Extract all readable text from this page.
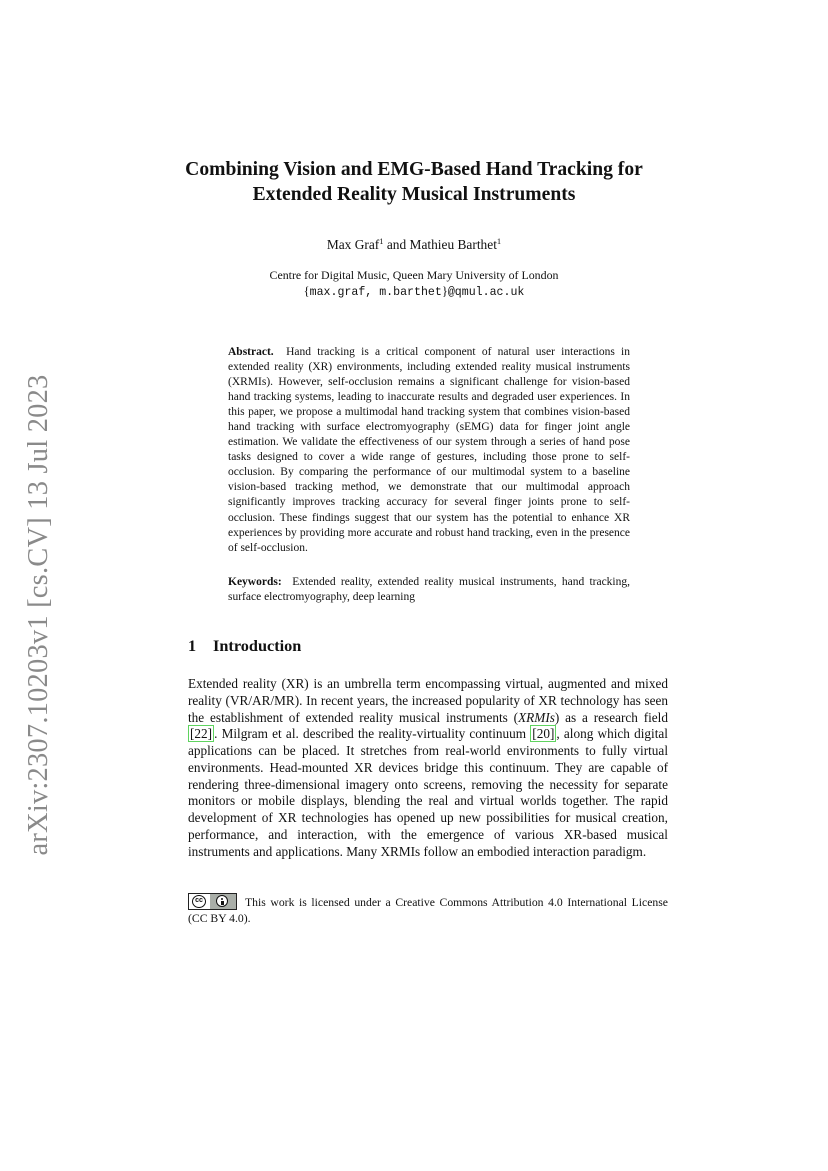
arXiv:2307.10203v1 [cs.CV] 13 Jul 2023
Combining Vision and EMG-Based Hand Tracking for
Extended Reality Musical Instruments
Max Graf$^1$ and Mathieu Barthet$^1$
Centre for Digital Music, Queen Mary University of London
{max.graf, m.barthet}@qmul.ac.uk
Abstract. Hand tracking is a critical component of natural user interactions in extended reality (XR) environments, including extended reality musical instruments (XRMIs). However, self-occlusion remains a significant challenge for vision-based hand tracking systems, leading to inaccurate results and degraded user experiences. In this paper, we propose a multimodal hand tracking system that combines vision-based hand tracking with surface electromyography (sEMG) data for finger joint angle estimation. We validate the effectiveness of our system through a series of hand pose tasks designed to cover a wide range of gestures, including those prone to self-occlusion. By comparing the performance of our multimodal system to a baseline vision-based tracking method, we demonstrate that our multimodal approach significantly improves tracking accuracy for several finger joints prone to self-occlusion. These findings suggest that our system has the potential to enhance XR experiences by providing more accurate and robust hand tracking, even in the presence of self-occlusion.
Keywords: Extended reality, extended reality musical instruments, hand tracking, surface electromyography, deep learning
1 Introduction

Extended reality (XR) is an umbrella term encompassing virtual, augmented and mixed reality (VR/AR/MR). In recent years, the increased popularity of XR technology has seen the establishment of extended reality musical instruments (XRMIs) as a research field [22] . Milgram et al. described the reality-virtuality continuum [20] , along which digital applications can be placed. It stretches from real-world environments to fully virtual environments. Head-mounted XR devices bridge this continuum. They are capable of rendering three-dimensional imagery onto screens, removing the necessity for separate monitors or mobile displays, blending the real and virtual worlds together. The rapid development of XR technologies has opened up new possibilities for musical creation, performance, and interaction, with the emergence of various XR-based musical instruments and applications. Many XRMIs follow an embodied interaction paradigm.

cc	This work is licensed under a Creative Commons Attribution 4.0 International License (CC BY 4.0).
